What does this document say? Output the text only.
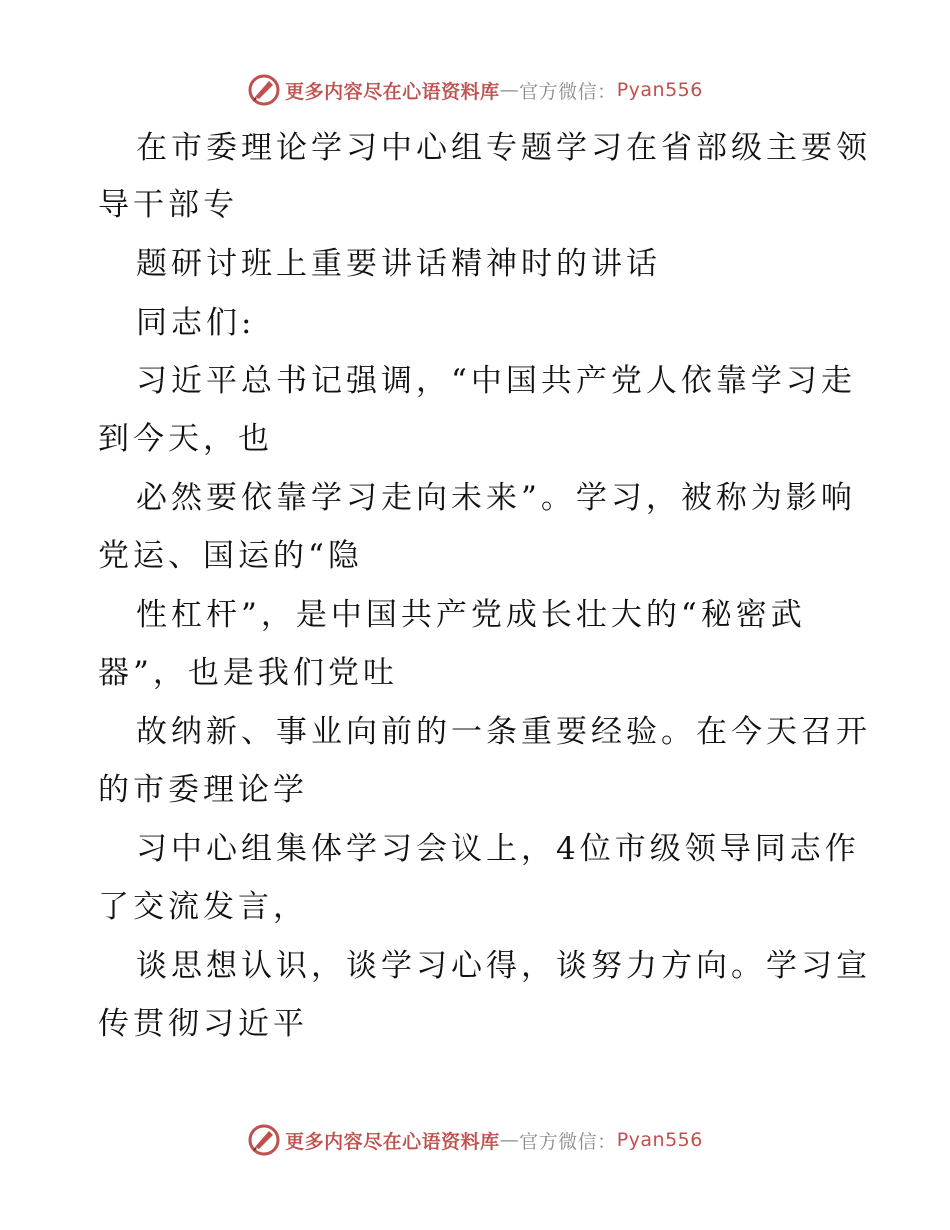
更多内容尽在心语资料库 — 官方微信： Pyan556
在市委理论学习中心组专题学习在省部级主要领
导干部专
题研讨班上重要讲话精神时的讲话
同志们:
习近平总书记强调，“中国共产党人依靠学习走
到今天，也
必然要依靠学习走向未来”。学习，被称为影响
党运、国运的“隐
性杠杆”，是中国共产党成长壮大的“秘密武
器”，也是我们党吐
故纳新、事业向前的一条重要经验。在今天召开
的市委理论学
习中心组集体学习会议上，4位市级领导同志作
了交流发言，
谈思想认识，谈学习心得，谈努力方向。学习宣
传贯彻习近平
更多内容尽在心语资料库 — 官方微信： Pyan556
